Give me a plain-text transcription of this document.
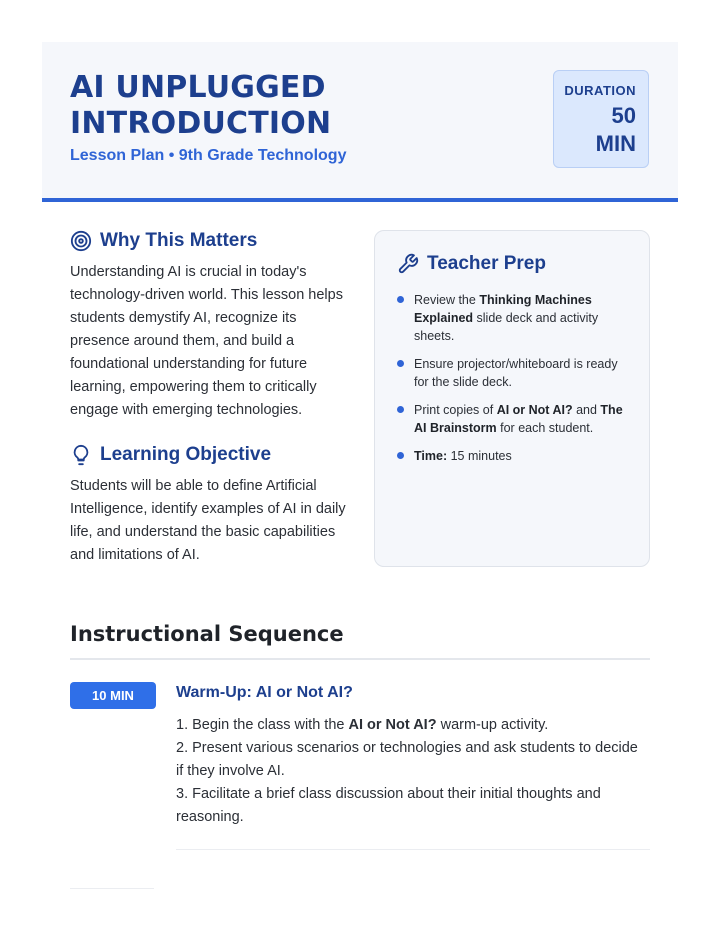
AI UNPLUGGED
INTRODUCTION
Lesson Plan • 9th Grade Technology
DURATION
50
MIN
Why This Matters
Understanding AI is crucial in today's technology-driven world. This lesson helps students demystify AI, recognize its presence around them, and build a foundational understanding for future learning, empowering them to critically engage with emerging technologies.
Learning Objective
Students will be able to define Artificial Intelligence, identify examples of AI in daily life, and understand the basic capabilities and limitations of AI.
Teacher Prep
Review the Thinking Machines Explained slide deck and activity sheets.
Ensure projector/whiteboard is ready for the slide deck.
Print copies of AI or Not AI? and The AI Brainstorm for each student.
Time: 15 minutes
Instructional Sequence
10 MIN	Warm-Up: AI or Not AI?
1. Begin the class with the AI or Not AI? warm-up activity.
2. Present various scenarios or technologies and ask students to decide if they involve AI.
3. Facilitate a brief class discussion about their initial thoughts and reasoning.
